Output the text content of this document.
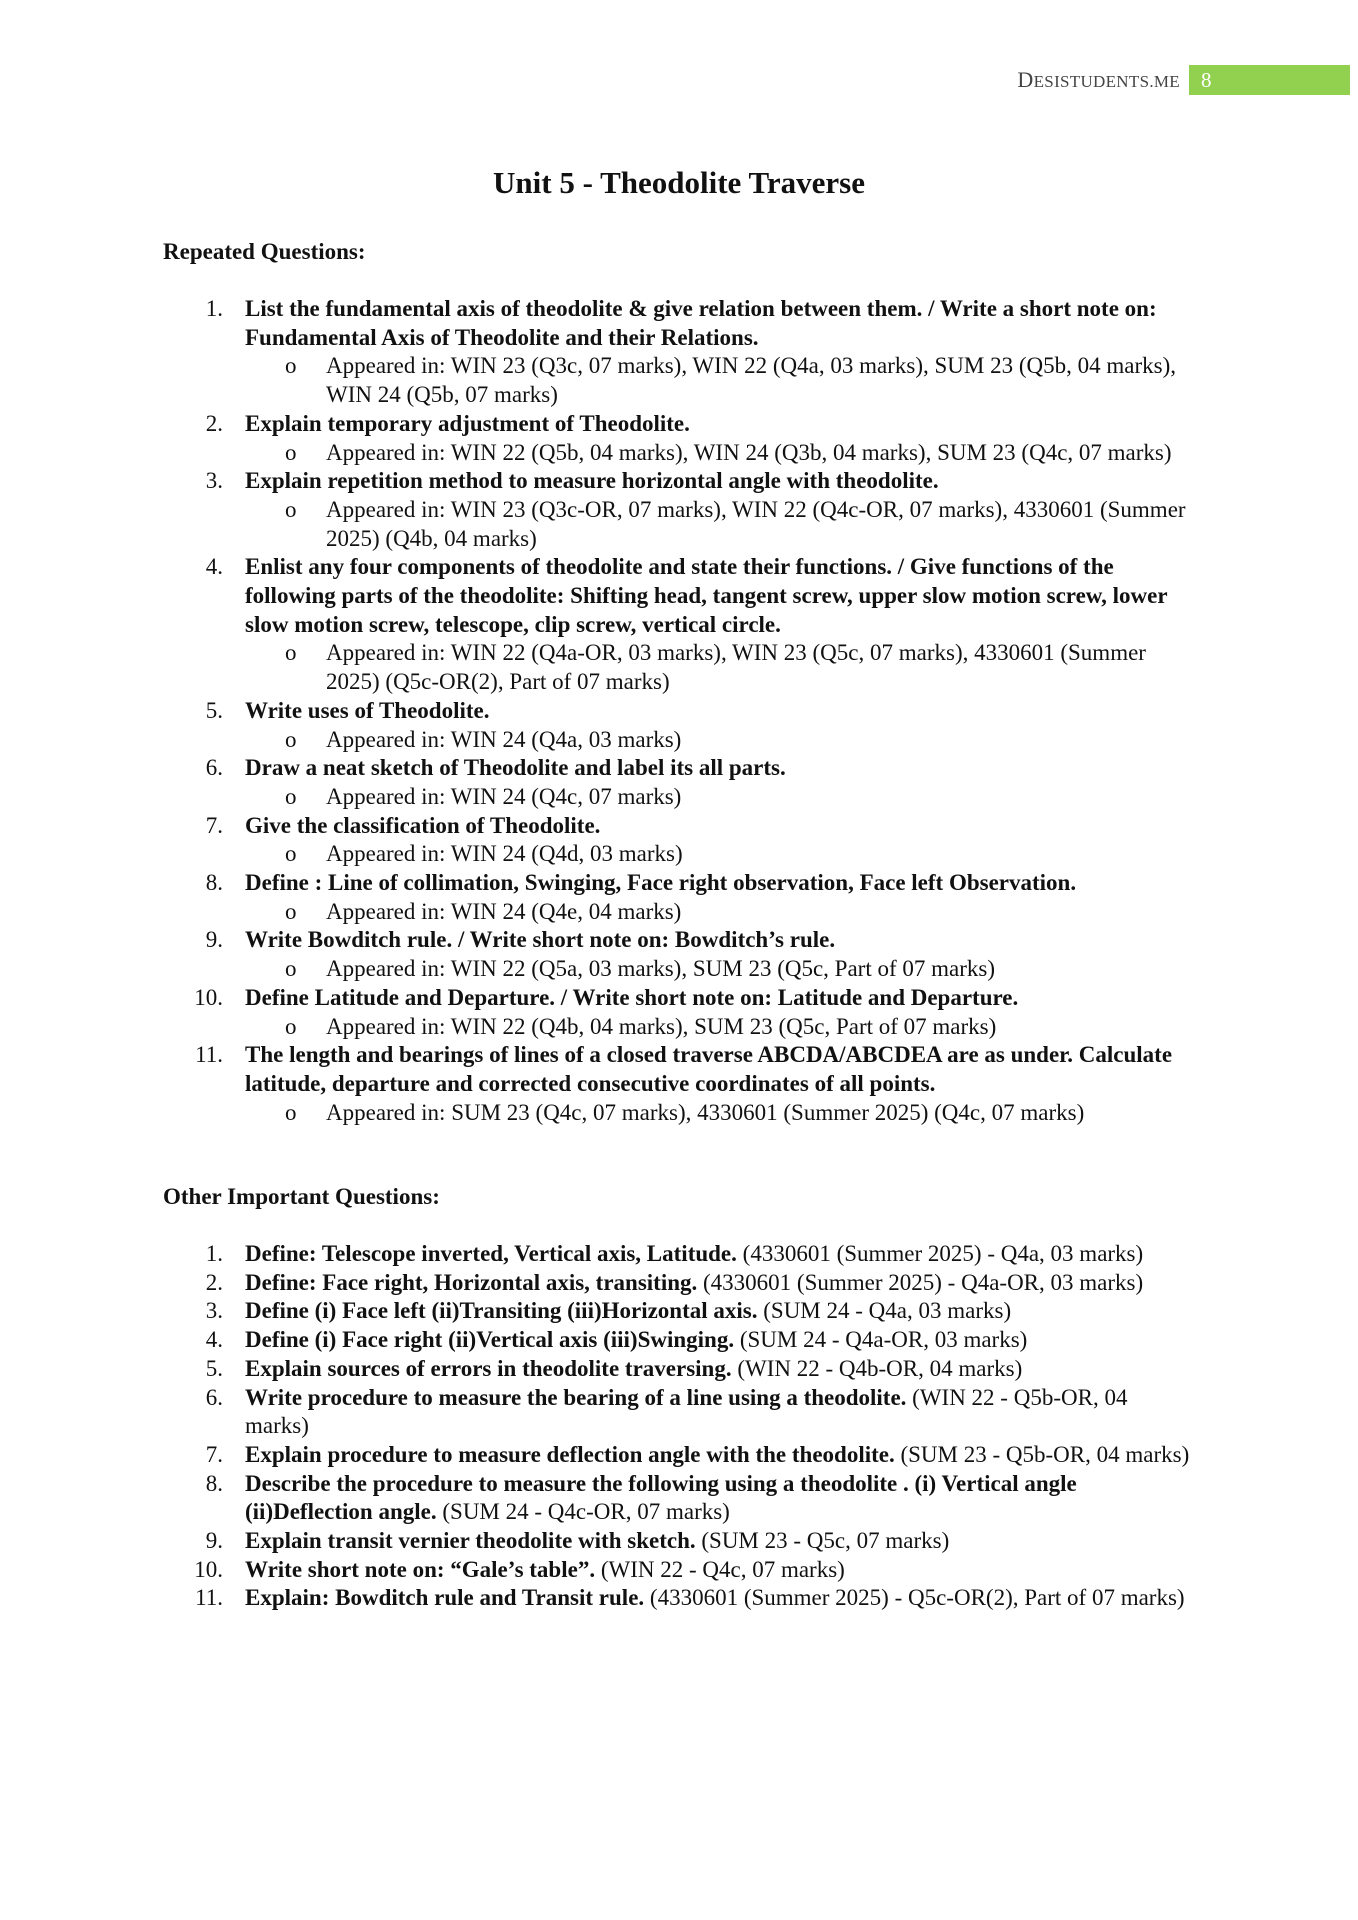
DESISTUDENTS.ME	8
Unit 5 - Theodolite Traverse
Repeated Questions:
1. List the fundamental axis of theodolite & give relation between them. / Write a short note on: Fundamental Axis of Theodolite and their Relations.
o Appeared in: WIN 23 (Q3c, 07 marks), WIN 22 (Q4a, 03 marks), SUM 23 (Q5b, 04 marks), WIN 24 (Q5b, 07 marks)
2. Explain temporary adjustment of Theodolite.
o Appeared in: WIN 22 (Q5b, 04 marks), WIN 24 (Q3b, 04 marks), SUM 23 (Q4c, 07 marks)
3. Explain repetition method to measure horizontal angle with theodolite.
o Appeared in: WIN 23 (Q3c-OR, 07 marks), WIN 22 (Q4c-OR, 07 marks), 4330601 (Summer 2025) (Q4b, 04 marks)
4. Enlist any four components of theodolite and state their functions. / Give functions of the following parts of the theodolite: Shifting head, tangent screw, upper slow motion screw, lower slow motion screw, telescope, clip screw, vertical circle.
o Appeared in: WIN 22 (Q4a-OR, 03 marks), WIN 23 (Q5c, 07 marks), 4330601 (Summer 2025) (Q5c-OR(2), Part of 07 marks)
5. Write uses of Theodolite.
o Appeared in: WIN 24 (Q4a, 03 marks)
6. Draw a neat sketch of Theodolite and label its all parts.
o Appeared in: WIN 24 (Q4c, 07 marks)
7. Give the classification of Theodolite.
o Appeared in: WIN 24 (Q4d, 03 marks)
8. Define : Line of collimation, Swinging, Face right observation, Face left Observation.
o Appeared in: WIN 24 (Q4e, 04 marks)
9. Write Bowditch rule. / Write short note on: Bowditch’s rule.
o Appeared in: WIN 22 (Q5a, 03 marks), SUM 23 (Q5c, Part of 07 marks)
10. Define Latitude and Departure. / Write short note on: Latitude and Departure.
o Appeared in: WIN 22 (Q4b, 04 marks), SUM 23 (Q5c, Part of 07 marks)
11. The length and bearings of lines of a closed traverse ABCDA/ABCDEA are as under. Calculate latitude, departure and corrected consecutive coordinates of all points.
o Appeared in: SUM 23 (Q4c, 07 marks), 4330601 (Summer 2025) (Q4c, 07 marks)
Other Important Questions:
1. Define: Telescope inverted, Vertical axis, Latitude. (4330601 (Summer 2025) - Q4a, 03 marks)
2. Define: Face right, Horizontal axis, transiting. (4330601 (Summer 2025) - Q4a-OR, 03 marks)
3. Define (i) Face left (ii)Transiting (iii)Horizontal axis. (SUM 24 - Q4a, 03 marks)
4. Define (i) Face right (ii)Vertical axis (iii)Swinging. (SUM 24 - Q4a-OR, 03 marks)
5. Explain sources of errors in theodolite traversing. (WIN 22 - Q4b-OR, 04 marks)
6. Write procedure to measure the bearing of a line using a theodolite. (WIN 22 - Q5b-OR, 04 marks)
7. Explain procedure to measure deflection angle with the theodolite. (SUM 23 - Q5b-OR, 04 marks)
8. Describe the procedure to measure the following using a theodolite . (i) Vertical angle (ii)Deflection angle. (SUM 24 - Q4c-OR, 07 marks)
9. Explain transit vernier theodolite with sketch. (SUM 23 - Q5c, 07 marks)
10. Write short note on: “Gale’s table”. (WIN 22 - Q4c, 07 marks)
11. Explain: Bowditch rule and Transit rule. (4330601 (Summer 2025) - Q5c-OR(2), Part of 07 marks)
